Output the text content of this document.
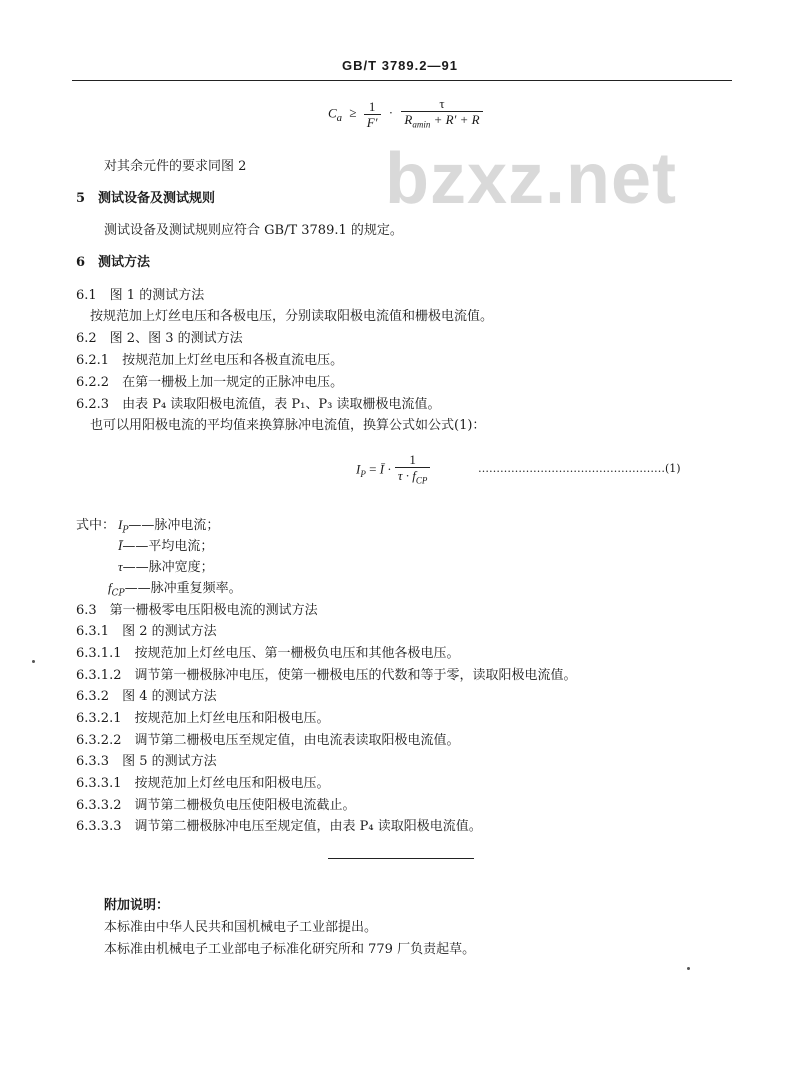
GB/T 3789.2—91
bzxz.net
$C_a \ge \frac{1}{F'} \cdot \frac{\tau}{R_{amin} + R' + R}$
对其余元件的要求同图 2
5　测试设备及测试规则
测试设备及测试规则应符合 GB/T 3789.1 的规定。
6　测试方法
6.1　图 1 的测试方法
按规范加上灯丝电压和各极电压，分别读取阳极电流值和栅极电流值。
6.2　图 2、图 3 的测试方法
6.2.1　按规范加上灯丝电压和各极直流电压。
6.2.2　在第一栅极上加一规定的正脉冲电压。
6.2.3　由表 P₄ 读取阳极电流值，表 P₁、P₃ 读取栅极电流值。
也可以用阳极电流的平均值来换算脉冲电流值，换算公式如公式(1)：
$I_P$ = Ī · $\frac{1}{\tau \cdot f_{CP}}$	……………………………………………(1)
式中： $I_P——$脉冲电流；
Ī——平均电流；
τ——脉冲宽度；
$f_{CP}——$脉冲重复频率。
6.3　第一栅极零电压阳极电流的测试方法
6.3.1　图 2 的测试方法
6.3.1.1　按规范加上灯丝电压、第一栅极负电压和其他各极电压。
6.3.1.2　调节第一栅极脉冲电压，使第一栅极电压的代数和等于零，读取阳极电流值。
6.3.2　图 4 的测试方法
6.3.2.1　按规范加上灯丝电压和阳极电压。
6.3.2.2　调节第二栅极电压至规定值，由电流表读取阳极电流值。
6.3.3　图 5 的测试方法
6.3.3.1　按规范加上灯丝电压和阳极电压。
6.3.3.2　调节第二栅极负电压使阳极电流截止。
6.3.3.3　调节第二栅极脉冲电压至规定值，由表 P₄ 读取阳极电流值。
附加说明：
本标准由中华人民共和国机械电子工业部提出。
本标准由机械电子工业部电子标准化研究所和 779 厂负责起草。
